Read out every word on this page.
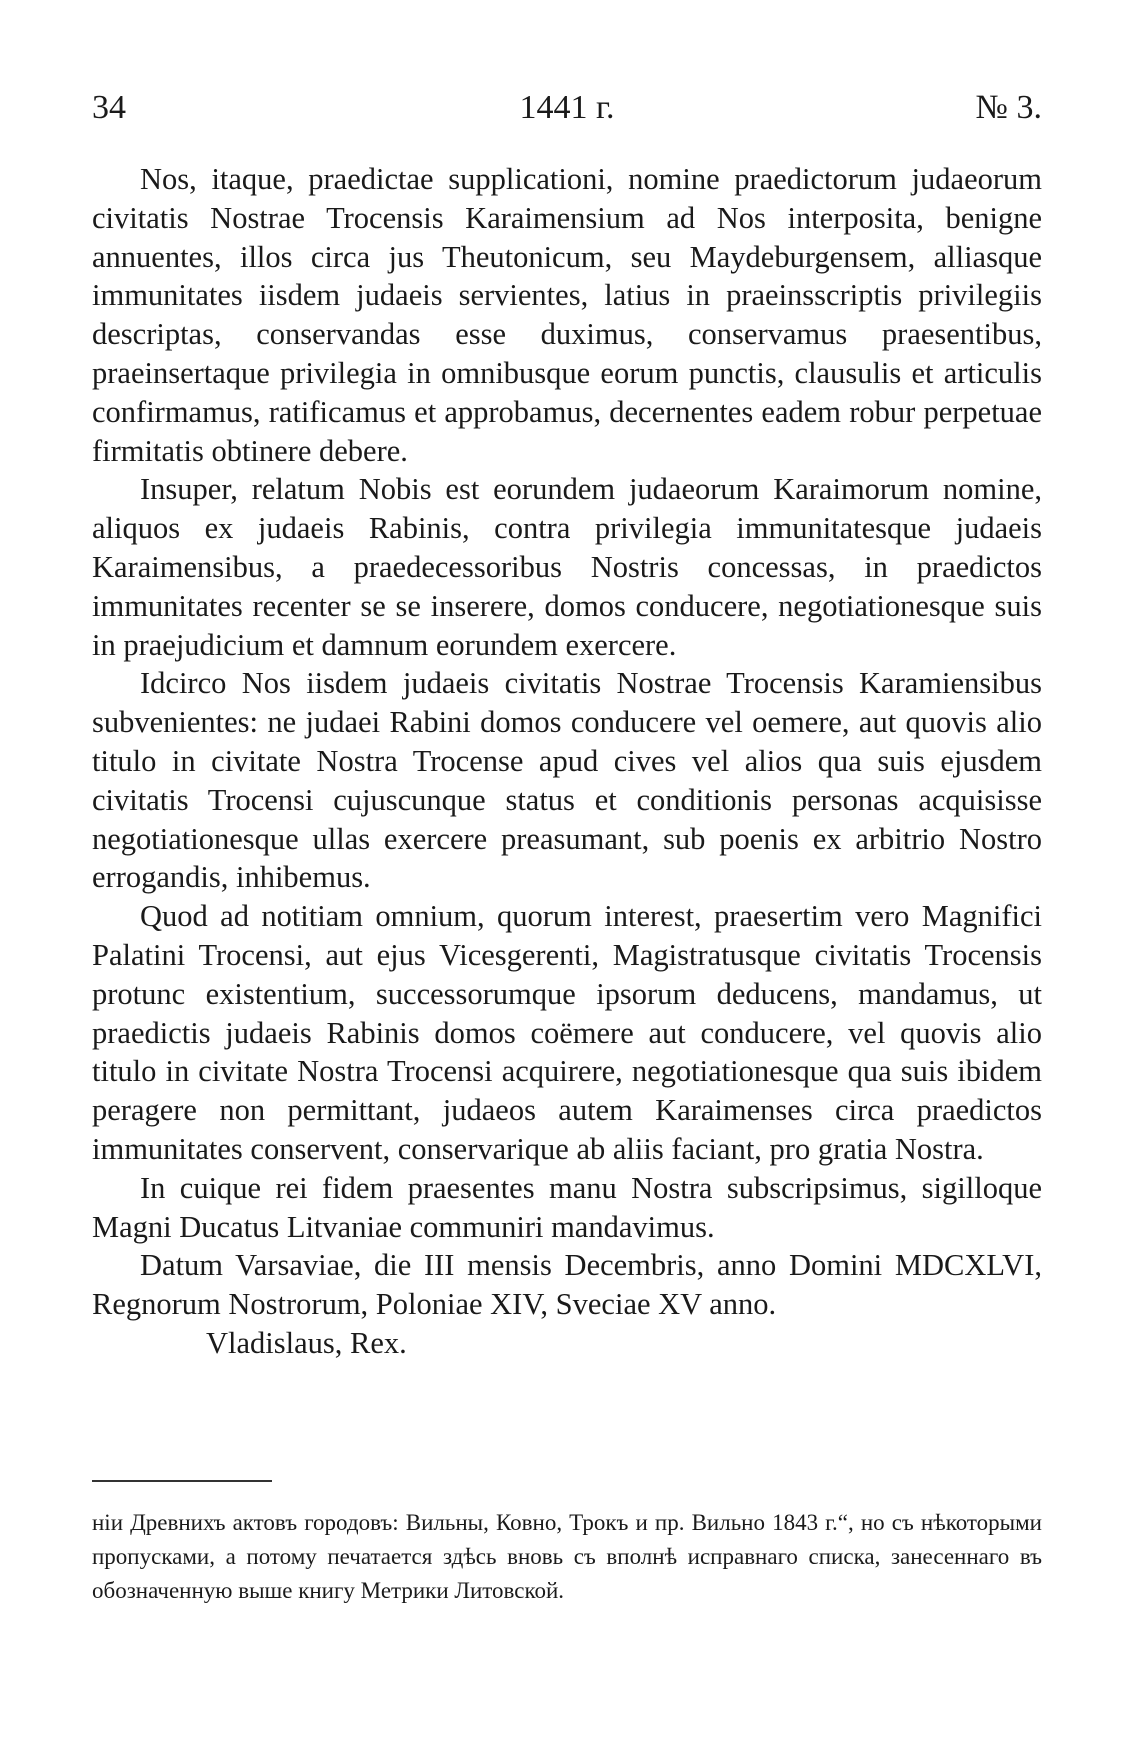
34	1441 г.	№ 3.

Nos, itaque, praedictae supplicationi, nomine praedictorum judaeorum civitatis Nostrae Trocensis Karaimensium ad Nos interposita, benigne annuentes, illos circa jus Theutonicum, seu Maydeburgensem, alliasque immunitates iisdem judaeis servientes, latius in praeinsscriptis privilegiis descriptas, conservandas esse duximus, conservamus praesentibus, praeinsertaque privilegia in omnibusque eorum punctis, clausulis et articulis confirmamus, ratificamus et approbamus, decernentes eadem robur perpetuae firmitatis obtinere debere.

Insuper, relatum Nobis est eorundem judaeorum Karaimorum nomine, aliquos ex judaeis Rabinis, contra privilegia immunitatesque judaeis Karaimensibus, a praedecessoribus Nostris concessas, in praedictos immunitates recenter se se inserere, domos conducere, negotiationesque suis in praejudicium et damnum eorundem exercere.

Idcirco Nos iisdem judaeis civitatis Nostrae Trocensis Karamiensibus subvenientes: ne judaei Rabini domos conducere vel oemere, aut quovis alio titulo in civitate Nostra Trocense apud cives vel alios qua suis ejusdem civitatis Trocensi cujuscunque status et conditionis personas acquisisse negotiationesque ullas exercere preasumant, sub poenis ex arbitrio Nostro errogandis, inhibemus.

Quod ad notitiam omnium, quorum interest, praesertim vero Magnifici Palatini Trocensi, aut ejus Vicesgerenti, Magistratusque civitatis Trocensis protunc existentium, successorumque ipsorum deducens, mandamus, ut praedictis judaeis Rabinis domos coëmere aut conducere, vel quovis alio titulo in civitate Nostra Trocensi acquirere, negotiationesque qua suis ibidem peragere non permittant, judaeos autem Karaimenses circa praedictos immunitates conservent, conservarique ab aliis faciant, pro gratia Nostra.

In cuique rei fidem praesentes manu Nostra subscripsimus, sigilloque Magni Ducatus Litvaniae communiri mandavimus.

Datum Varsaviae, die III mensis Decembris, anno Domini MDCXLVI, Regnorum Nostrorum, Poloniae XIV, Sveciae XV anno.

Vladislaus, Rex.

ніи Древнихъ актовъ городовъ: Вильны, Ковно, Трокъ и пр. Вильно 1843 г.“, но съ нѣкоторыми пропусками, а потому печатается здѣсь вновь съ вполнѣ исправнаго списка, занесеннаго въ обозначенную выше книгу Метрики Литовской.
